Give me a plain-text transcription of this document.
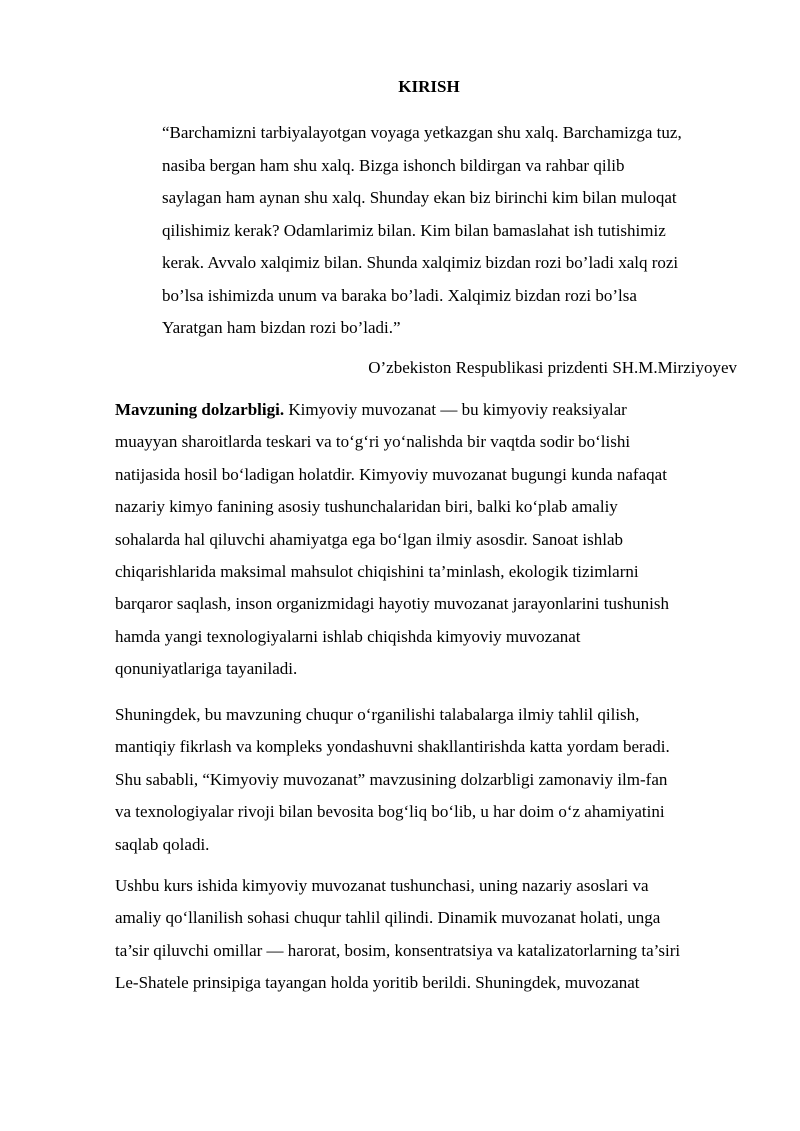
KIRISH
“Barchamizni tarbiyalayotgan voyaga yetkazgan shu xalq. Barchamizga tuz,
nasiba bergan ham shu xalq. Bizga ishonch bildirgan va rahbar qilib
saylagan ham aynan shu xalq. Shunday ekan biz birinchi kim bilan muloqat
qilishimiz kerak? Odamlarimiz bilan. Kim bilan bamaslahat ish tutishimiz
kerak. Avvalo xalqimiz bilan. Shunda xalqimiz bizdan rozi bo’ladi xalq rozi
bo’lsa ishimizda unum va baraka bo’ladi. Xalqimiz bizdan rozi bo’lsa
Yaratgan ham bizdan rozi bo’ladi.”

O’zbekiston Respublikasi prizdenti SH.M.Mirziyoyev

Mavzuning dolzarbligi. Kimyoviy muvozanat — bu kimyoviy reaksiyalar
muayyan sharoitlarda teskari va to‘g‘ri yo‘nalishda bir vaqtda sodir bo‘lishi
natijasida hosil bo‘ladigan holatdir. Kimyoviy muvozanat bugungi kunda nafaqat
nazariy kimyo fanining asosiy tushunchalaridan biri, balki ko‘plab amaliy
sohalarda hal qiluvchi ahamiyatga ega bo‘lgan ilmiy asosdir. Sanoat ishlab
chiqarishlarida maksimal mahsulot chiqishini ta’minlash, ekologik tizimlarni
barqaror saqlash, inson organizmidagi hayotiy muvozanat jarayonlarini tushunish
hamda yangi texnologiyalarni ishlab chiqishda kimyoviy muvozanat
qonuniyatlariga tayaniladi.
Shuningdek, bu mavzuning chuqur o‘rganilishi talabalarga ilmiy tahlil qilish,
mantiqiy fikrlash va kompleks yondashuvni shakllantirishda katta yordam beradi.
Shu sababli, “Kimyoviy muvozanat” mavzusining dolzarbligi zamonaviy ilm-fan
va texnologiyalar rivoji bilan bevosita bog‘liq bo‘lib, u har doim o‘z ahamiyatini
saqlab qoladi.
Ushbu kurs ishida kimyoviy muvozanat tushunchasi, uning nazariy asoslari va
amaliy qo‘llanilish sohasi chuqur tahlil qilindi. Dinamik muvozanat holati, unga
ta’sir qiluvchi omillar — harorat, bosim, konsentratsiya va katalizatorlarning ta’siri
Le-Shatele prinsipiga tayangan holda yoritib berildi. Shuningdek, muvozanat
